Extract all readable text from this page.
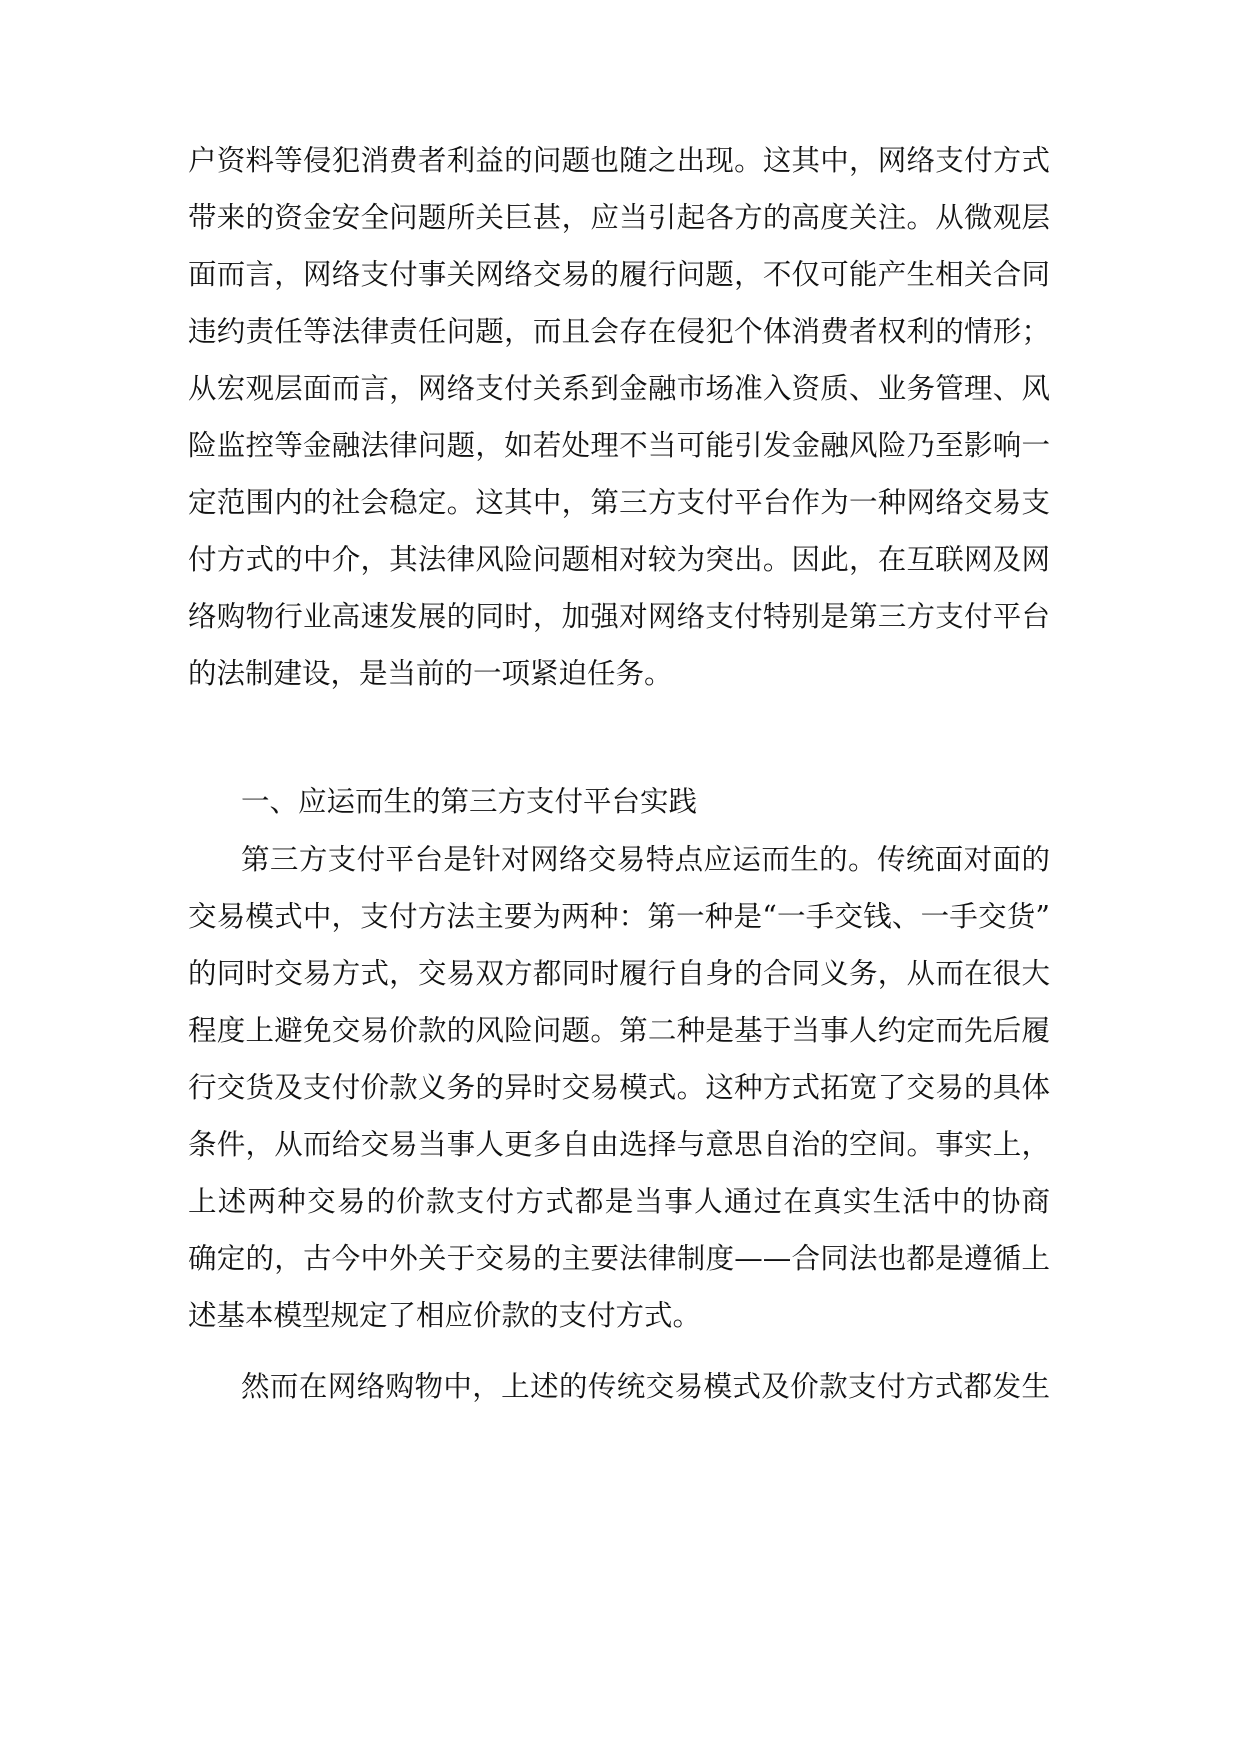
户资料等侵犯消费者利益的问题也随之出现。这其中，网络支付方式
带来的资金安全问题所关巨甚，应当引起各方的高度关注。从微观层
面而言，网络支付事关网络交易的履行问题，不仅可能产生相关合同
违约责任等法律责任问题，而且会存在侵犯个体消费者权利的情形；
从宏观层面而言，网络支付关系到金融市场准入资质、业务管理、风
险监控等金融法律问题，如若处理不当可能引发金融风险乃至影响一
定范围内的社会稳定。这其中，第三方支付平台作为一种网络交易支
付方式的中介，其法律风险问题相对较为突出。因此，在互联网及网
络购物行业高速发展的同时，加强对网络支付特别是第三方支付平台
的法制建设，是当前的一项紧迫任务。
一、应运而生的第三方支付平台实践
第三方支付平台是针对网络交易特点应运而生的。传统面对面的
交易模式中，支付方法主要为两种：第一种是“一手交钱、一手交货”
的同时交易方式，交易双方都同时履行自身的合同义务，从而在很大
程度上避免交易价款的风险问题。第二种是基于当事人约定而先后履
行交货及支付价款义务的异时交易模式。这种方式拓宽了交易的具体
条件，从而给交易当事人更多自由选择与意思自治的空间。事实上，
上述两种交易的价款支付方式都是当事人通过在真实生活中的协商
确定的，古今中外关于交易的主要法律制度——合同法也都是遵循上
述基本模型规定了相应价款的支付方式。
然而在网络购物中，上述的传统交易模式及价款支付方式都发生
